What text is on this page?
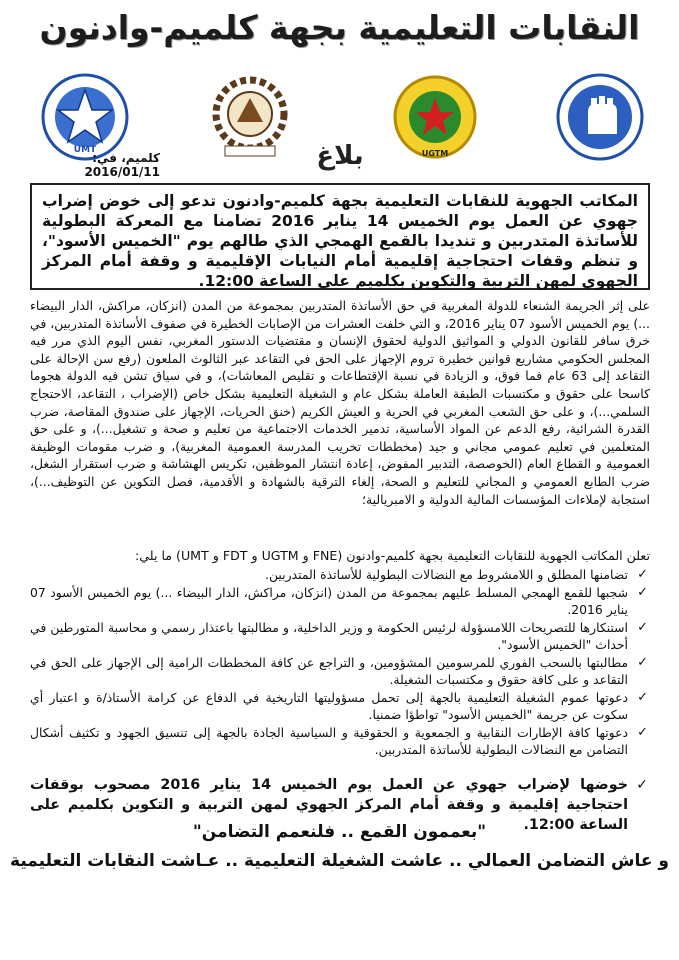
النقابات التعليمية بجهة كلميم-وادنون
UMT	UGTM
كلميم، في: 2016/01/11
بلاغ
المكاتب الجهوية للنقابات التعليمية بجهة كلميم-وادنون تدعو إلى خوض إضراب جهوي عن العمل يوم الخميس 14 يناير 2016 تضامنا مع المعركة البطولية للأساتذة المتدربين و تنديدا بالقمع الهمجي الذي طالهم يوم "الخميس الأسود"، و تنظم وقفات احتجاجية إقليمية أمام النيابات الإقليمية و وقفة أمام المركز الجهوي لمهن التربية والتكوين بكلميم على الساعة 12:00.
على إثر الجريمة الشنعاء للدولة المغربية في حق الأساتذة المتدربين بمجموعة من المدن (انزكان، مراكش، الدار البيضاء ...) يوم الخميس الأسود 07 يناير 2016، و التي خلفت العشرات من الإصابات الخطيرة في صفوف الأساتذة المتدربين، في خرق سافر للقانون الدولي و المواثيق الدولية لحقوق الإنسان و مقتضيات الدستور المغربي، نفس اليوم الذي مرر فيه المجلس الحكومي مشاريع قوانين خطيرة تروم الإجهاز على الحق في التقاعد عبر الثالوث الملعون (رفع سن الإحالة على التقاعد إلى 63 عام فما فوق، و الزيادة في نسبة الإقتطاعات و تقليص المعاشات)، و في سياق تشن فيه الدولة هجوما كاسحا على حقوق و مكتسبات الطبقة العاملة بشكل عام و الشغيلة التعليمية بشكل خاص (الإضراب ، التقاعد، الاحتجاج السلمي...)، و على حق الشعب المغربي في الحرية و العيش الكريم (خنق الحريات، الإجهاز على صندوق المقاصة، ضرب القدرة الشرائية، رفع الدعم عن المواد الأساسية، تدمير الخدمات الاجتماعية من تعليم و صحة و تشغيل...)، و على حق المتعلمين في تعليم عمومي مجاني و جيد (مخططات تخريب المدرسة العمومية المغربية)، و ضرب مقومات الوظيفة العمومية و القطاع العام (الخوصصة، التدبير المفوض، إعادة انتشار الموظفين، تكريس الهشاشة و ضرب استقرار الشغل، ضرب الطابع العمومي و المجاني للتعليم و الصحة، إلغاء الترقية بالشهادة و الأقدمية، فصل التكوين عن التوظيف...)، استجابة لإملاءات المؤسسات المالية الدولية و الامبريالية؛
تعلن المكاتب الجهوية للنقابات التعليمية بجهة كلميم-وادنون (FNE و UGTM و FDT و UMT) ما يلي:
✓
تضامنها المطلق و اللامشروط مع النضالات البطولية للأساتذة المتدربين.
✓
شجبها للقمع الهمجي المسلط عليهم بمجموعة من المدن (انزكان، مراكش، الدار البيضاء ...) يوم الخميس الأسود 07 يناير 2016.
✓
استنكارها للتصريحات اللامسؤولة لرئيس الحكومة و وزير الداخلية، و مطالبتها باعتذار رسمي و محاسبة المتورطين في أحداث "الخميس الأسود".
✓
مطالبتها بالسحب الفوري للمرسومين المشؤومين، و التراجع عن كافة المخططات الرامية إلى الإجهاز على الحق في التقاعد و على كافة حقوق و مكتسبات الشغيلة.
✓
دعوتها عموم الشغيلة التعليمية بالجهة إلى تحمل مسؤوليتها التاريخية في الدفاع عن كرامة الأستاذ/ة و اعتبار أي سكوت عن جريمة "الخميس الأسود" تواطؤا ضمنيا.
✓
دعوتها كافة الإطارات النقابية و الجمعوية و الحقوقية و السياسية الجادة بالجهة إلى تنسيق الجهود و تكثيف أشكال التضامن مع النضالات البطولية للأساتذة المتدربين.
✓
خوضها لإضراب جهوي عن العمل يوم الخميس 14 يناير 2016 مصحوب بوقفات احتجاجية إقليمية و وقفة أمام المركز الجهوي لمهن التربية و التكوين بكلميم على الساعة 12:00.
"بعممون القمع .. فلنعمم التضامن"
و عاش التضامن العمالي .. عاشت الشغيلة التعليمية .. عـاشت النقابات التعليمية
